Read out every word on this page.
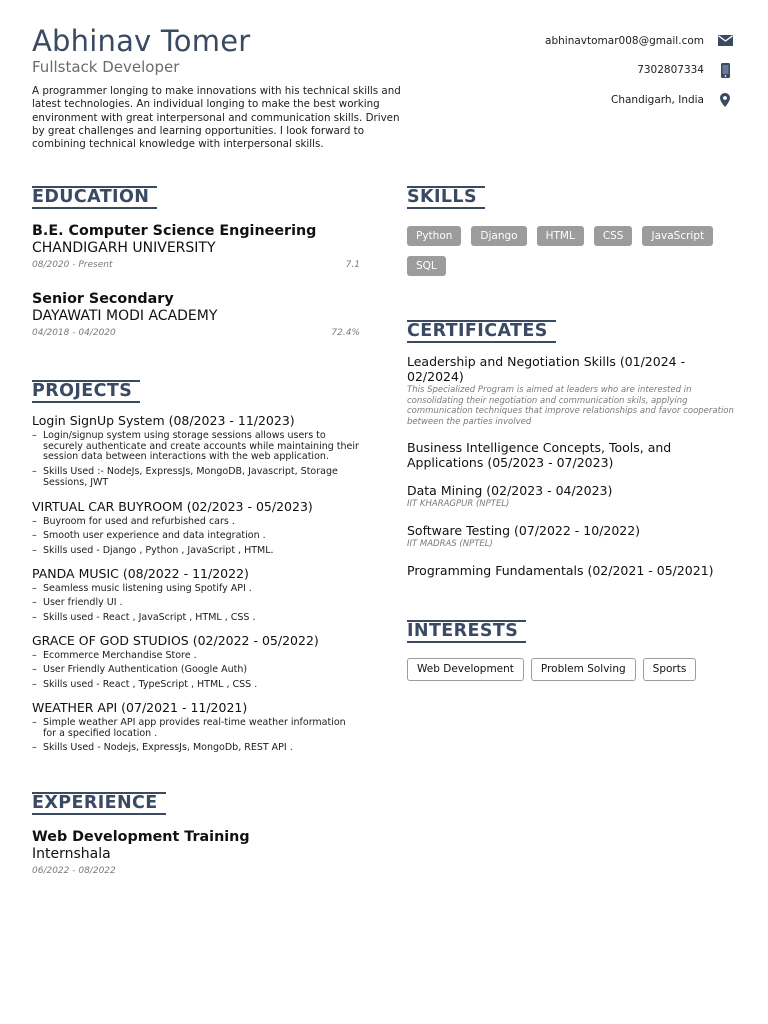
Abhinav Tomer
Fullstack Developer
A programmer longing to make innovations with his technical skills and latest technologies. An individual longing to make the best working environment with great interpersonal and communication skills. Driven by great challenges and learning opportunities. I look forward to combining technical knowledge with interpersonal skills.
abhinavtomar008@gmail.com
7302807334
Chandigarh, India
EDUCATION
B.E. Computer Science Engineering
CHANDIGARH UNIVERSITY
08/2020 - Present	7.1
Senior Secondary
DAYAWATI MODI ACADEMY
04/2018 - 04/2020	72.4%
PROJECTS
Login SignUp System (08/2023 - 11/2023)
– Login/signup system using storage sessions allows users to securely authenticate and create accounts while maintaining their session data between interactions with the web application.
– Skills Used :- NodeJs, ExpressJs, MongoDB, Javascript, Storage Sessions, JWT
VIRTUAL CAR BUYROOM (02/2023 - 05/2023)
– Buyroom for used and refurbished cars .
– Smooth user experience and data integration .
– Skills used - Django , Python , JavaScript , HTML.
PANDA MUSIC (08/2022 - 11/2022)
– Seamless music listening using Spotify API .
– User friendly UI .
– Skills used - React , JavaScript , HTML , CSS .
GRACE OF GOD STUDIOS (02/2022 - 05/2022)
– Ecommerce Merchandise Store .
– User Friendly Authentication (Google Auth)
– Skills used - React , TypeScript , HTML , CSS .
WEATHER API (07/2021 - 11/2021)
– Simple weather API app provides real-time weather information for a specified location .
– Skills Used - Nodejs, ExpressJs, MongoDb, REST API .
EXPERIENCE
Web Development Training
Internshala
06/2022 - 08/2022
SKILLS
Python	Django	HTML	CSS	JavaScript
SQL
CERTIFICATES
Leadership and Negotiation Skills (01/2024 - 02/2024)
This Specialized Program is aimed at leaders who are interested in consolidating their negotiation and communication skils, applying communication techniques that improve relationships and favor cooperation between the parties involved
Business Intelligence Concepts, Tools, and Applications (05/2023 - 07/2023)
Data Mining (02/2023 - 04/2023)
IIT KHARAGPUR (NPTEL)
Software Testing (07/2022 - 10/2022)
IIT MADRAS (NPTEL)
Programming Fundamentals (02/2021 - 05/2021)
INTERESTS
Web Development	Problem Solving	Sports
